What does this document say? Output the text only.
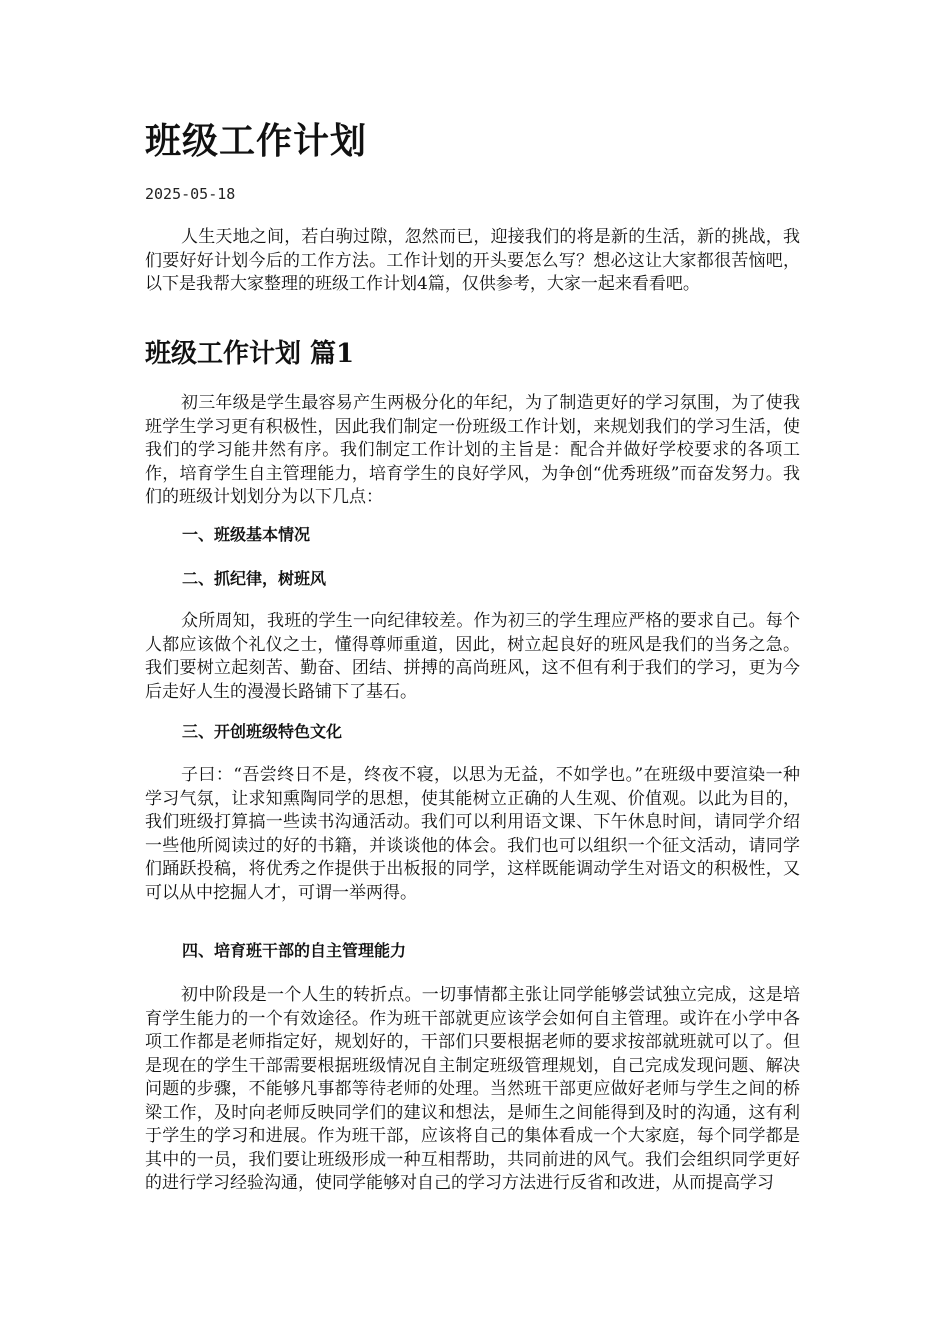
班级工作计划
2025-05-18

人生天地之间，若白驹过隙，忽然而已，迎接我们的将是新的生活，新的挑战，我们要好好计划今后的工作方法。工作计划的开头要怎么写？想必这让大家都很苦恼吧，以下是我帮大家整理的班级工作计划4篇，仅供参考，大家一起来看看吧。

班级工作计划 篇1

初三年级是学生最容易产生两极分化的年纪，为了制造更好的学习氛围，为了使我班学生学习更有积极性，因此我们制定一份班级工作计划，来规划我们的学习生活，使我们的学习能井然有序。我们制定工作计划的主旨是：配合并做好学校要求的各项工作，培育学生自主管理能力，培育学生的良好学风，为争创“优秀班级”而奋发努力。我们的班级计划划分为以下几点：

一、班级基本情况
二、抓纪律，树班风

众所周知，我班的学生一向纪律较差。作为初三的学生理应严格的要求自己。每个人都应该做个礼仪之士，懂得尊师重道，因此，树立起良好的班风是我们的当务之急。我们要树立起刻苦、勤奋、团结、拼搏的高尚班风，这不但有利于我们的学习，更为今后走好人生的漫漫长路铺下了基石。

三、开创班级特色文化

子曰：“吾尝终日不是，终夜不寝，以思为无益，不如学也。”在班级中要渲染一种学习气氛，让求知熏陶同学的思想，使其能树立正确的人生观、价值观。以此为目的，我们班级打算搞一些读书沟通活动。我们可以利用语文课、下午休息时间，请同学介绍一些他所阅读过的好的书籍，并谈谈他的体会。我们也可以组织一个征文活动，请同学们踊跃投稿，将优秀之作提供于出板报的同学，这样既能调动学生对语文的积极性，又可以从中挖掘人才，可谓一举两得。

四、培育班干部的自主管理能力

初中阶段是一个人生的转折点。一切事情都主张让同学能够尝试独立完成，这是培育学生能力的一个有效途径。作为班干部就更应该学会如何自主管理。或许在小学中各项工作都是老师指定好，规划好的，干部们只要根据老师的要求按部就班就可以了。但是现在的学生干部需要根据班级情况自主制定班级管理规划，自己完成发现问题、解决问题的步骤，不能够凡事都等待老师的处理。当然班干部更应做好老师与学生之间的桥梁工作，及时向老师反映同学们的建议和想法，是师生之间能得到及时的沟通，这有利于学生的学习和进展。作为班干部，应该将自己的集体看成一个大家庭，每个同学都是其中的一员，我们要让班级形成一种互相帮助，共同前进的风气。我们会组织同学更好的进行学习经验沟通，使同学能够对自己的学习方法进行反省和改进，从而提高学习
